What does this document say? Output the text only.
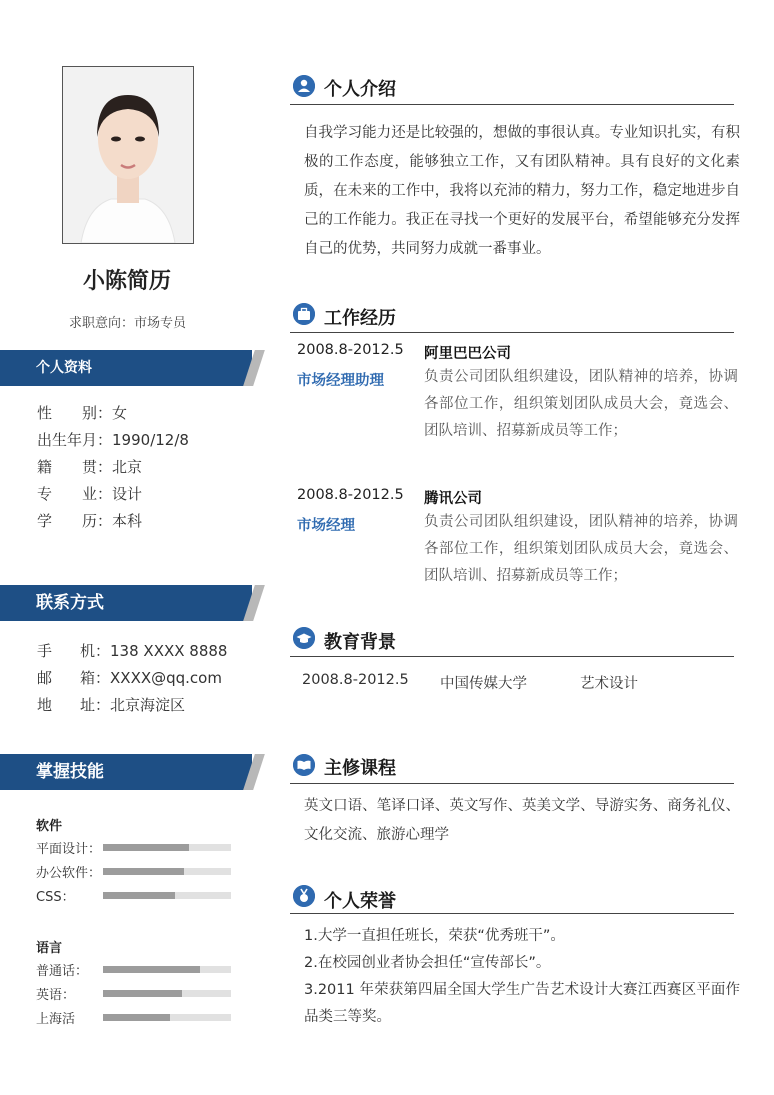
小陈简历
求职意向：市场专员
个人资料
性别：女
出生年月：1990/12/8
籍贯：北京
专业：设计
学历：本科
联系方式
手机：138 XXXX 8888
邮箱：XXXX@qq.com
地址：北京海淀区
掌握技能
软件
平面设计：
办公软件：
CSS：
语言
普通话：
英语：
上海活
个人介绍
自我学习能力还是比较强的，想做的事很认真。专业知识扎实，有积极的工作态度，能够独立工作，又有团队精神。具有良好的文化素质，在未来的工作中，我将以充沛的精力，努力工作，稳定地进步自己的工作能力。我正在寻找一个更好的发展平台，希望能够充分发挥自己的优势，共同努力成就一番事业。
工作经历
2008.8-2012.5 阿里巴巴公司
市场经理助理	负责公司团队组织建设，团队精神的培养，协调各部位工作，组织策划团队成员大会，竟选会、团队培训、招募新成员等工作；
2008.8-2012.5 腾讯公司
市场经理	负责公司团队组织建设，团队精神的培养，协调各部位工作，组织策划团队成员大会，竟选会、团队培训、招募新成员等工作；
教育背景
2008.8-2012.5 中国传媒大学	艺术设计
主修课程
英文口语、笔译口译、英文写作、英美文学、导游实务、商务礼仪、文化交流、旅游心理学
个人荣誉
1.大学一直担任班长，荣获“优秀班干”。
2.在校园创业者协会担任“宣传部长”。
3.2011 年荣获第四届全国大学生广告艺术设计大赛江西赛区平面作品类三等奖。
